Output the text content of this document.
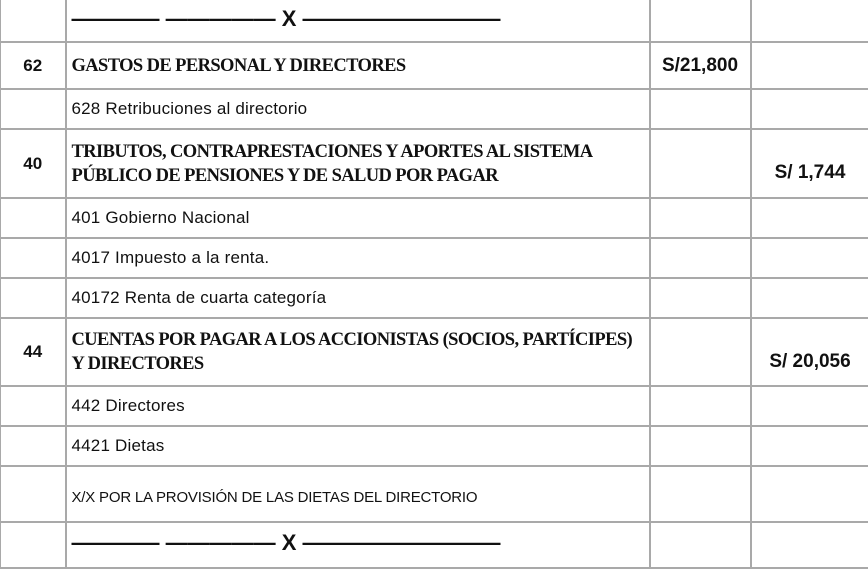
	———— ————— X —————————		

62	GASTOS DE PERSONAL Y DIRECTORES	S/21,800	

	628 Retribuciones al directorio		

40	TRIBUTOS, CONTRAPRESTACIONES Y APORTES AL SISTEMA
PÚBLICO DE PENSIONES Y DE SALUD POR PAGAR		S/ 1,744

	401 Gobierno Nacional		

	4017 Impuesto a la renta.		

	40172 Renta de cuarta categoría		

44	CUENTAS POR PAGAR A LOS ACCIONISTAS (SOCIOS, PARTÍCIPES)
Y DIRECTORES		S/ 20,056

	442 Directores		

	4421 Dietas		

	X/X POR LA PROVISIÓN DE LAS DIETAS DEL DIRECTORIO		

	———— ————— X —————————		
